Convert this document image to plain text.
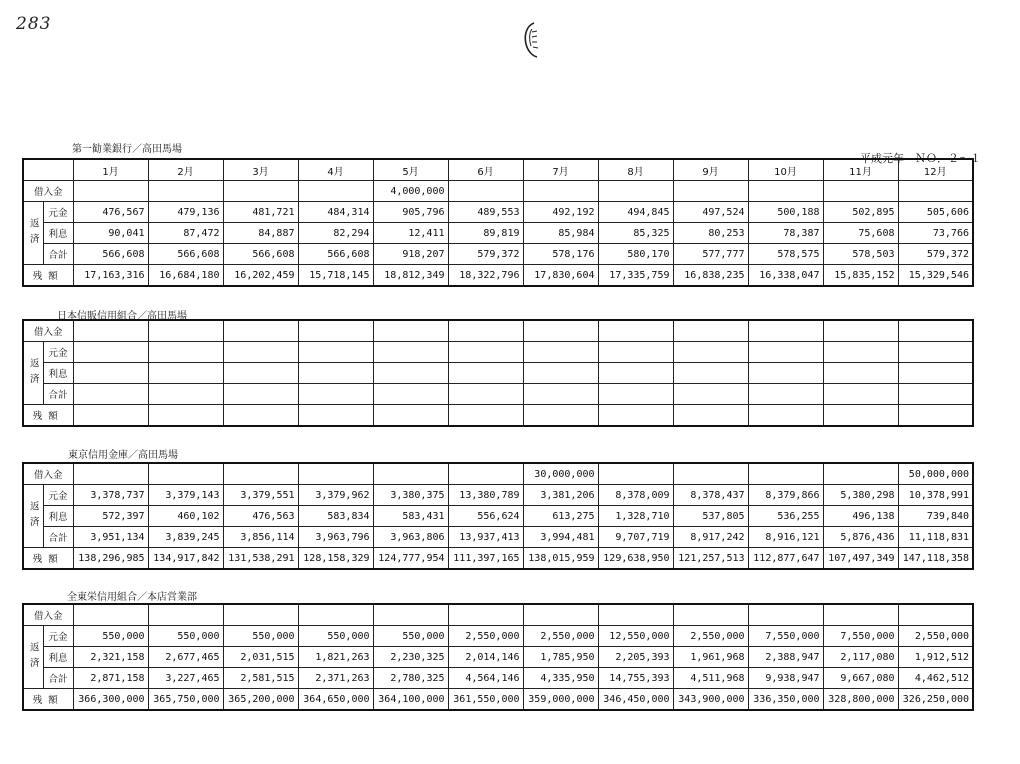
283
平成元年　ＮＯ．２～１
第一勧業銀行／高田馬場
日本信販信用組合／高田馬場
東京信用金庫／高田馬場
全東栄信用組合／本店営業部
		1月	2月	3月	4月	5月	6月	7月	8月	9月	10月	11月	12月
借入金						4,000,000							
返済	元金	476,567	479,136	481,721	484,314	905,796	489,553	492,192	494,845	497,524	500,188	502,895	505,606
	利息	90,041	87,472	84,887	82,294	12,411	89,819	85,984	85,325	80,253	78,387	75,608	73,766
	合計	566,608	566,608	566,608	566,608	918,207	579,372	578,176	580,170	577,777	578,575	578,503	579,372
残額		17,163,316	16,684,180	16,202,459	15,718,145	18,812,349	18,322,796	17,830,604	17,335,759	16,838,235	16,338,047	15,835,152	15,329,546
借入金													
返済	元金												
	利息												
	合計												
残額													
借入金								30,000,000					50,000,000
返済	元金	3,378,737	3,379,143	3,379,551	3,379,962	3,380,375	13,380,789	3,381,206	8,378,009	8,378,437	8,379,866	5,380,298	10,378,991
	利息	572,397	460,102	476,563	583,834	583,431	556,624	613,275	1,328,710	537,805	536,255	496,138	739,840
	合計	3,951,134	3,839,245	3,856,114	3,963,796	3,963,806	13,937,413	3,994,481	9,707,719	8,917,242	8,916,121	5,876,436	11,118,831
残額		138,296,985	134,917,842	131,538,291	128,158,329	124,777,954	111,397,165	138,015,959	129,638,950	121,257,513	112,877,647	107,497,349	147,118,358
借入金													
返済	元金	550,000	550,000	550,000	550,000	550,000	2,550,000	2,550,000	12,550,000	2,550,000	7,550,000	7,550,000	2,550,000
	利息	2,321,158	2,677,465	2,031,515	1,821,263	2,230,325	2,014,146	1,785,950	2,205,393	1,961,968	2,388,947	2,117,080	1,912,512
	合計	2,871,158	3,227,465	2,581,515	2,371,263	2,780,325	4,564,146	4,335,950	14,755,393	4,511,968	9,938,947	9,667,080	4,462,512
残額		366,300,000	365,750,000	365,200,000	364,650,000	364,100,000	361,550,000	359,000,000	346,450,000	343,900,000	336,350,000	328,800,000	326,250,000
